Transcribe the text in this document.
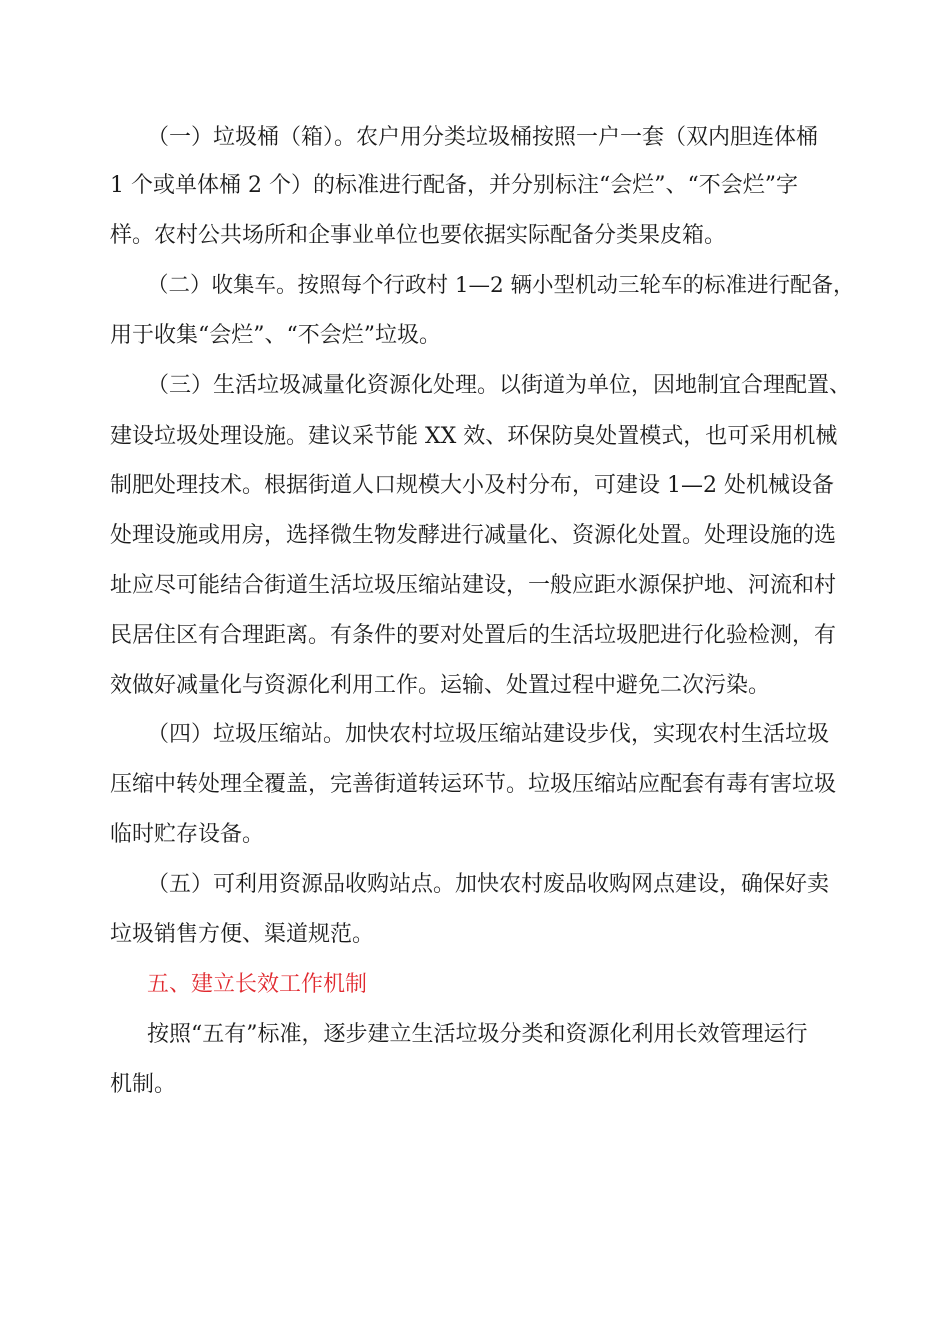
（一）垃圾桶（箱）。农户用分类垃圾桶按照一户一套（双内胆连体桶
1 个或单体桶 2 个）的标准进行配备，并分别标注“会烂”、“不会烂”字
样。农村公共场所和企事业单位也要依据实际配备分类果皮箱。
（二）收集车。按照每个行政村 1—2 辆小型机动三轮车的标准进行配备，
用于收集“会烂”、“不会烂”垃圾。
（三）生活垃圾减量化资源化处理。以街道为单位，因地制宜合理配置、
建设垃圾处理设施。建议采节能 XX 效、环保防臭处置模式，也可采用机械
制肥处理技术。根据街道人口规模大小及村分布，可建设 1—2 处机械设备
处理设施或用房，选择微生物发酵进行减量化、资源化处置。处理设施的选
址应尽可能结合街道生活垃圾压缩站建设，一般应距水源保护地、河流和村
民居住区有合理距离。有条件的要对处置后的生活垃圾肥进行化验检测，有
效做好减量化与资源化利用工作。运输、处置过程中避免二次污染。
（四）垃圾压缩站。加快农村垃圾压缩站建设步伐，实现农村生活垃圾
压缩中转处理全覆盖，完善街道转运环节。垃圾压缩站应配套有毒有害垃圾
临时贮存设备。
（五）可利用资源品收购站点。加快农村废品收购网点建设，确保好卖
垃圾销售方便、渠道规范。
五、建立长效工作机制
按照“五有”标准，逐步建立生活垃圾分类和资源化利用长效管理运行
机制。
